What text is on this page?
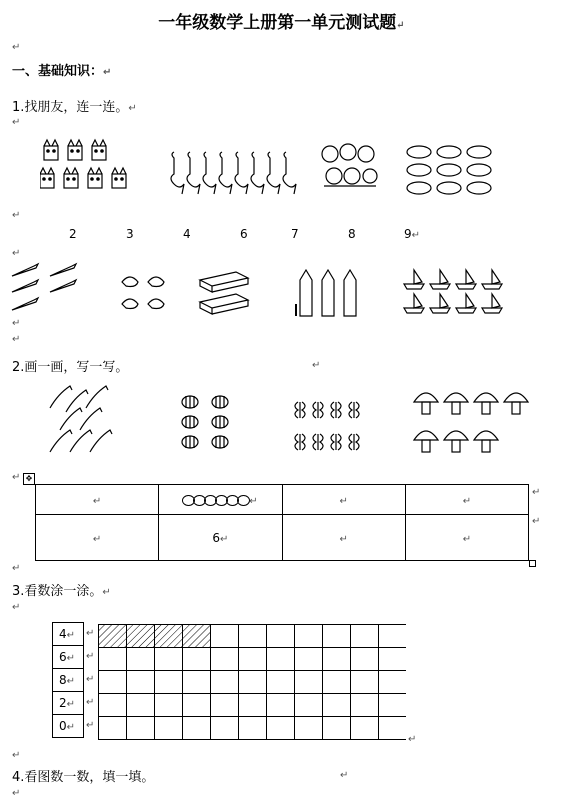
一年级数学上册第一单元测试题↵
↵
一、基础知识：↵
1.找朋友，连一连。↵
↵
↵
2	3	4	6	7	8	9↵
↵
↵
↵
2.画一画，写一写。	↵
✥
↵
↵	↵	↵	↵
↵	6↵	↵	↵
↵
↵
↵
3.看数涂一涂。↵
↵
4↵
6↵
8↵
2↵
0↵
↵
↵
↵
↵
↵
↵
↵
4.看图数一数，填一填。	↵
↵
